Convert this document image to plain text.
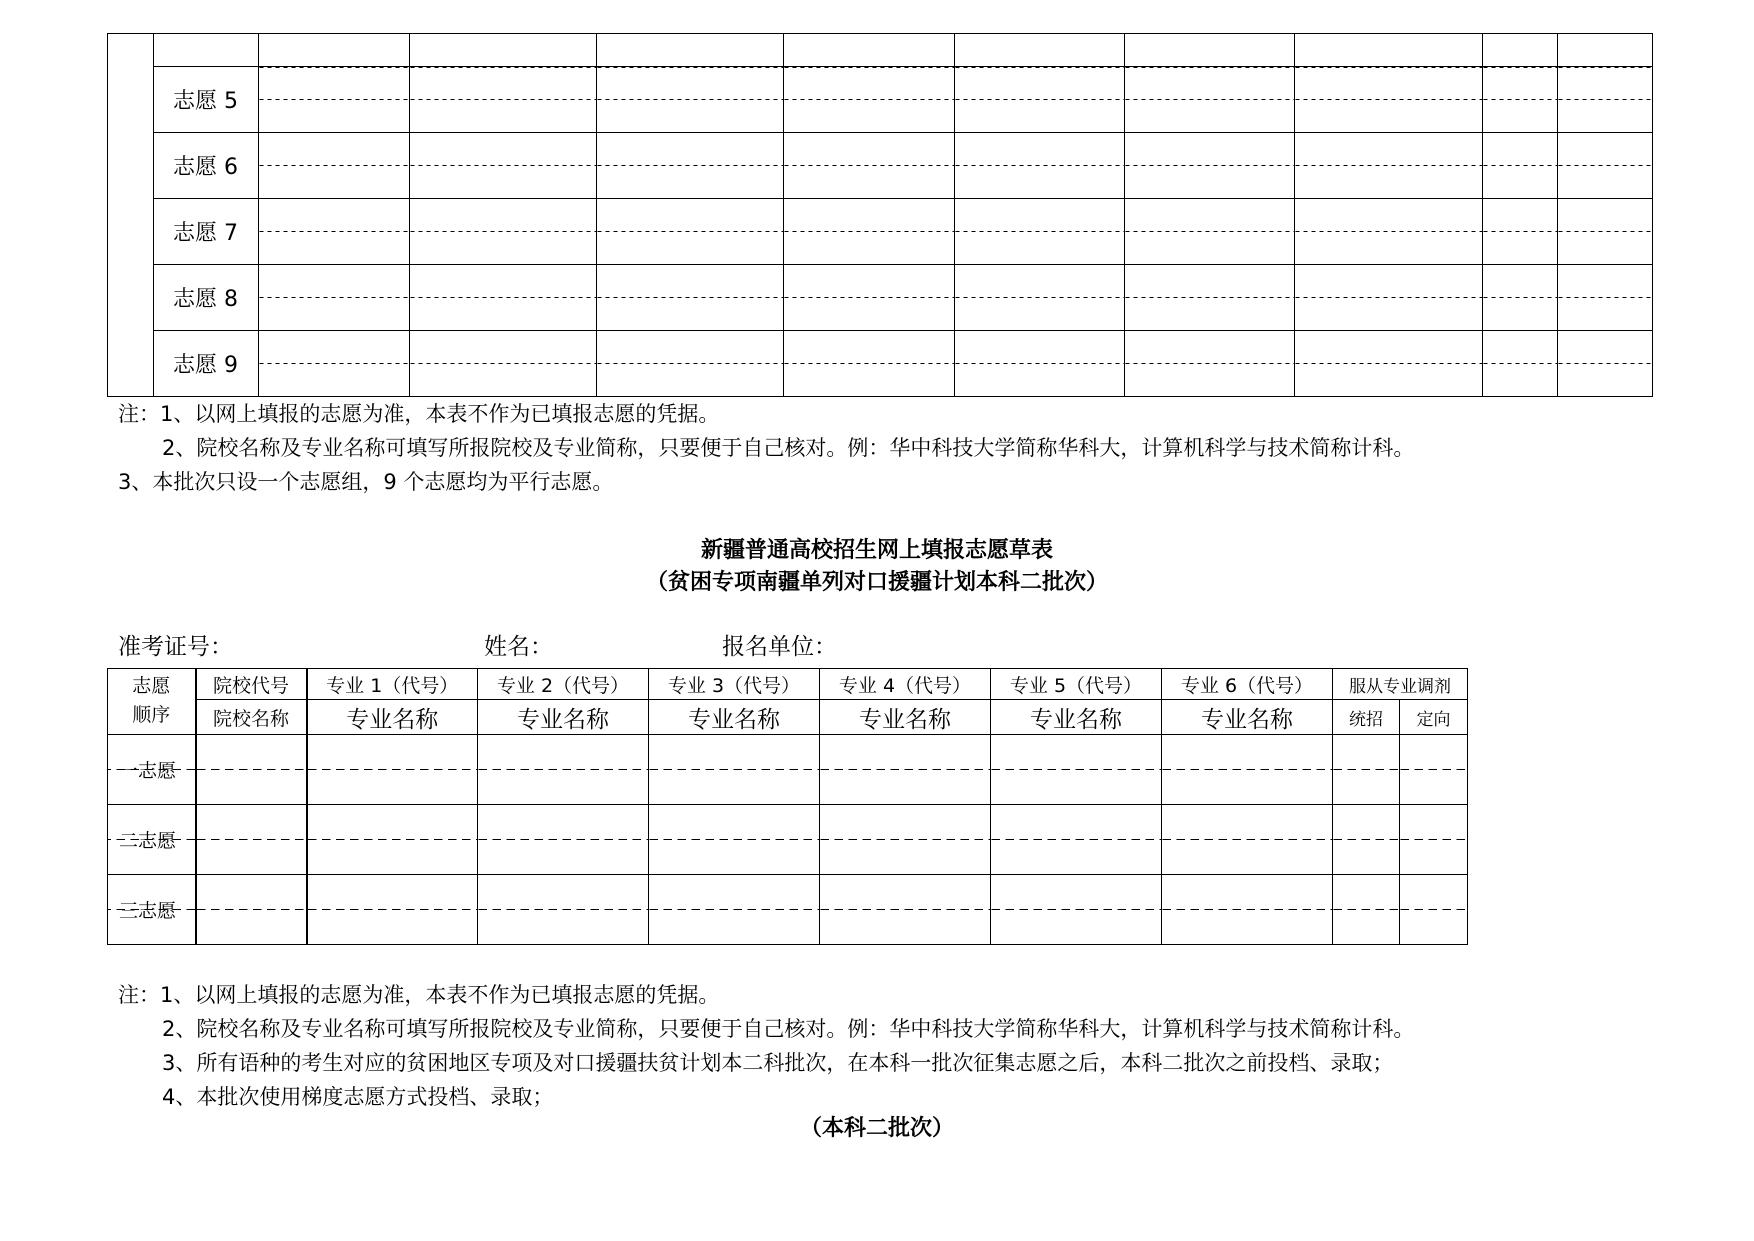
	志愿 5									
	志愿 6									
	志愿 7									
	志愿 8									
	志愿 9									
注：1、以网上填报的志愿为准，本表不作为已填报志愿的凭据。
2、院校名称及专业名称可填写所报院校及专业简称，只要便于自己核对。例：华中科技大学简称华科大，计算机科学与技术简称计科。
3、本批次只设一个志愿组，9 个志愿均为平行志愿。
新疆普通高校招生网上填报志愿草表
（贫困专项南疆单列对口援疆计划本科二批次）
准考证号：	姓名：	报名单位：
志愿	院校代号	专业 1（代号）	专业 2（代号）	专业 3（代号）	专业 4（代号）	专业 5（代号）	专业 6（代号）	服从专业调剂	
顺序	院校名称	专业名称	专业名称	专业名称	专业名称	专业名称	专业名称	统招	定向
一志愿									
二志愿									
三志愿									
注：1、以网上填报的志愿为准，本表不作为已填报志愿的凭据。
2、院校名称及专业名称可填写所报院校及专业简称，只要便于自己核对。例：华中科技大学简称华科大，计算机科学与技术简称计科。
3、所有语种的考生对应的贫困地区专项及对口援疆扶贫计划本二科批次，在本科一批次征集志愿之后，本科二批次之前投档、录取；
4、本批次使用梯度志愿方式投档、录取；
（本科二批次）
